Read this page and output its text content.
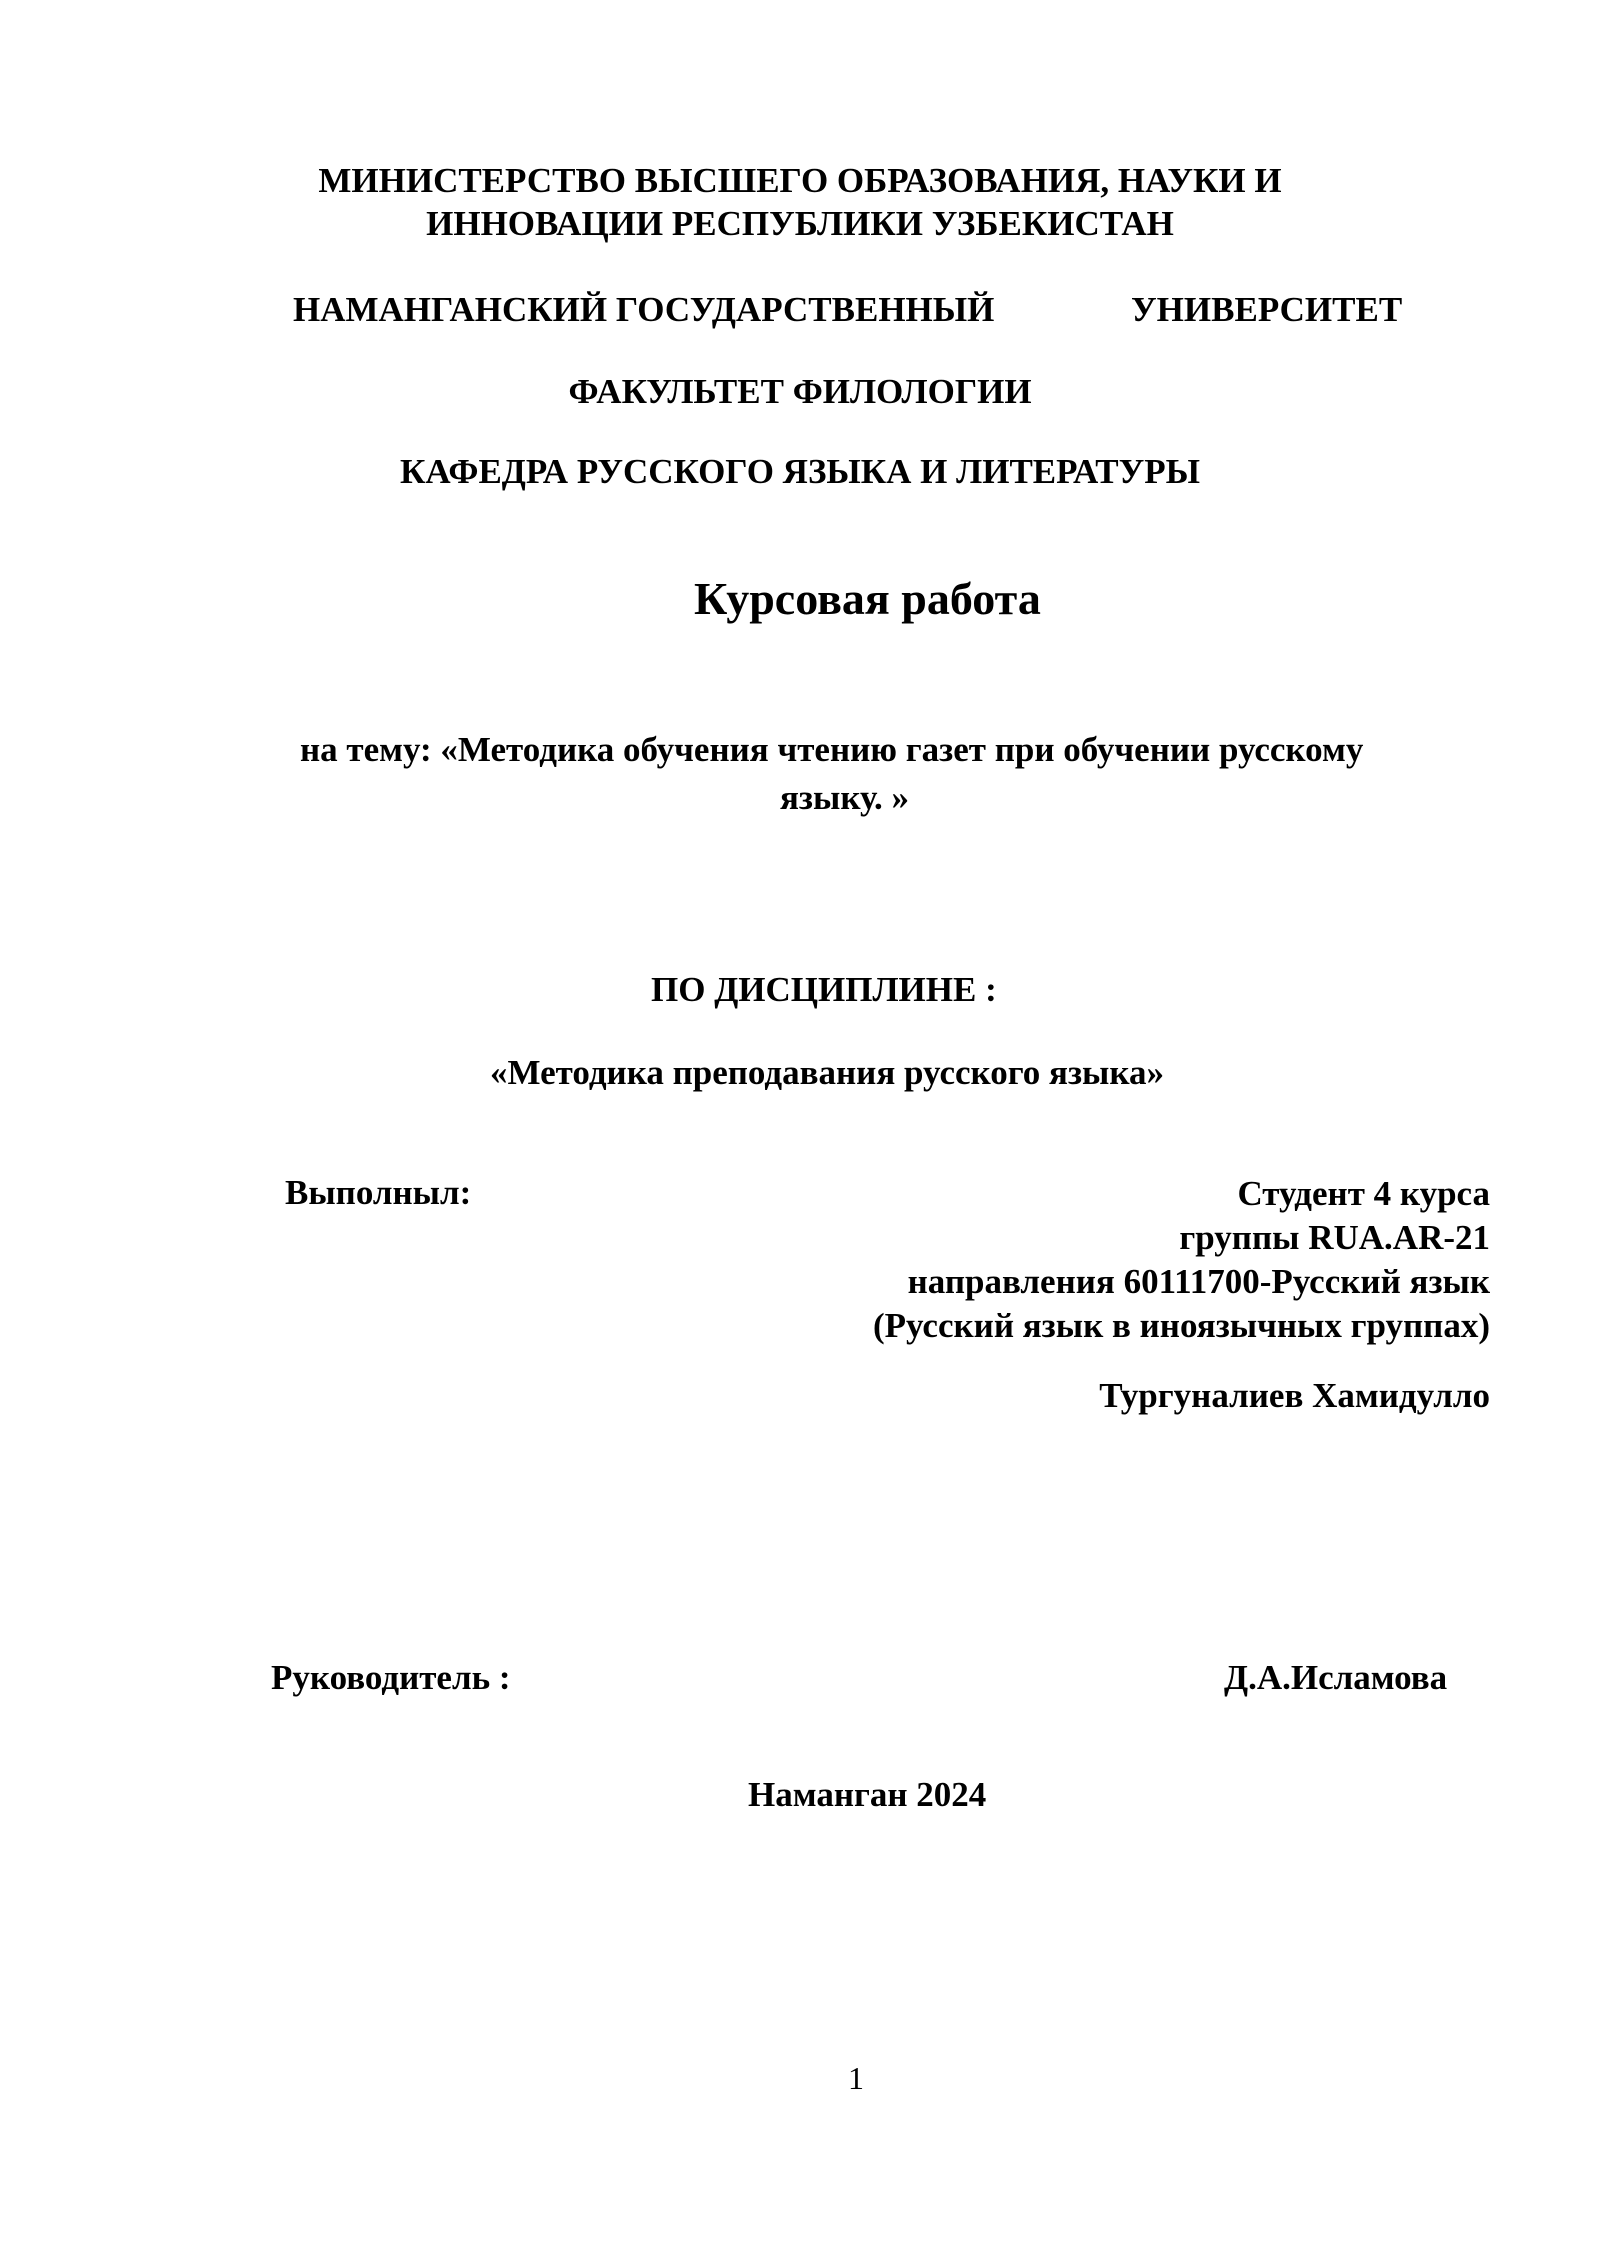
МИНИСТЕРСТВО ВЫСШЕГО ОБРАЗОВАНИЯ, НАУКИ И
ИННОВАЦИИ РЕСПУБЛИКИ УЗБЕКИСТАН
НАМАНГАНСКИЙ ГОСУДАРСТВЕННЫЙ	УНИВЕРСИТЕТ
ФАКУЛЬТЕТ ФИЛОЛОГИИ
КАФЕДРА РУССКОГО ЯЗЫКА И ЛИТЕРАТУРЫ
Курсовая работа
на тему: «Методика обучения чтению газет при обучении русскому
языку. »
ПО ДИСЦИПЛИНЕ :
«Методика преподавания русского языка»
Выполныл:	Студент 4 курса
группы RUA.AR-21
направления 60111700-Русский язык
(Русский язык в иноязычных группах)
Тургуналиев Хамидулло
Руководитель :	Д.А.Исламова
Наманган 2024
1
